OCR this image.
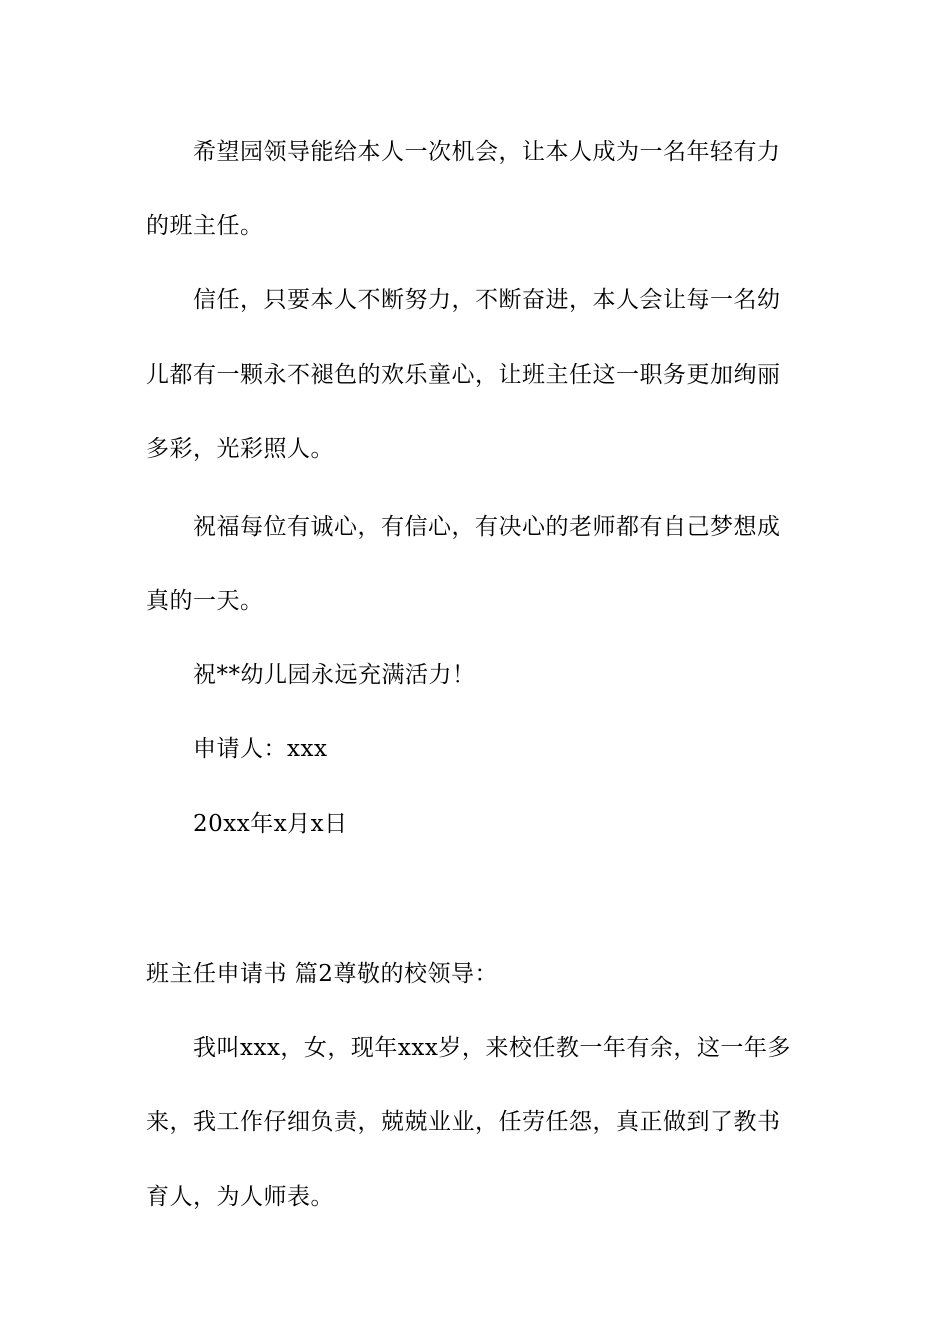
希望园领导能给本人一次机会，让本人成为一名年轻有力
的班主任。
信任，只要本人不断努力，不断奋进，本人会让每一名幼
儿都有一颗永不褪色的欢乐童心，让班主任这一职务更加绚丽
多彩，光彩照人。
祝福每位有诚心，有信心，有决心的老师都有自己梦想成
真的一天。
祝**幼儿园永远充满活力！
申请人：xxx
20xx年x月x日
班主任申请书 篇2尊敬的校领导：
我叫xxx，女，现年xxx岁，来校任教一年有余，这一年多
来，我工作仔细负责，兢兢业业，任劳任怨，真正做到了教书
育人，为人师表。
